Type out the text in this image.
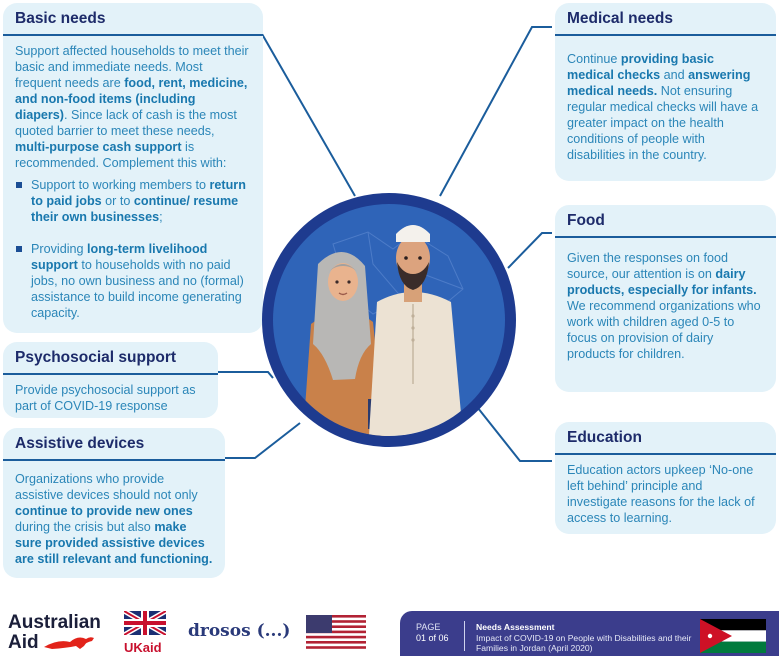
Basic needs
Support affected households to meet their basic and immediate needs. Most frequent needs are food, rent, medicine, and non-food items (including diapers). Since lack of cash is the most quoted barrier to meet these needs, multi-purpose cash support is recommended. Complement this with:
Support to working members to return to paid jobs or to continue/ resume their own businesses;
Providing long-term livelihood support to households with no paid jobs, no own business and no (formal) assistance to build income generating capacity.
Psychosocial support
Provide psychosocial support as part of COVID-19 response
Assistive devices
Organizations who provide assistive devices should not only continue to provide new ones during the crisis but also make sure provided assistive devices are still relevant and functioning.
Medical needs
Continue providing basic medical checks and answering medical needs. Not ensuring regular medical checks will have a greater impact on the health conditions of people with disabilities in the country.
Food
Given the responses on food source, our attention is on dairy products, especially for infants. We recommend organizations who work with children aged 0-5 to focus on provision of dairy products for children.
Education
Education actors upkeep ‘No-one left behind’ principle and investigate reasons for the lack of access to learning.
Australian
Aid	UKaid
drosos (...)	PAGE
01 of 06
Needs Assessment
Impact of COVID-19 on People with Disabilities and their Families in Jordan (April 2020)
